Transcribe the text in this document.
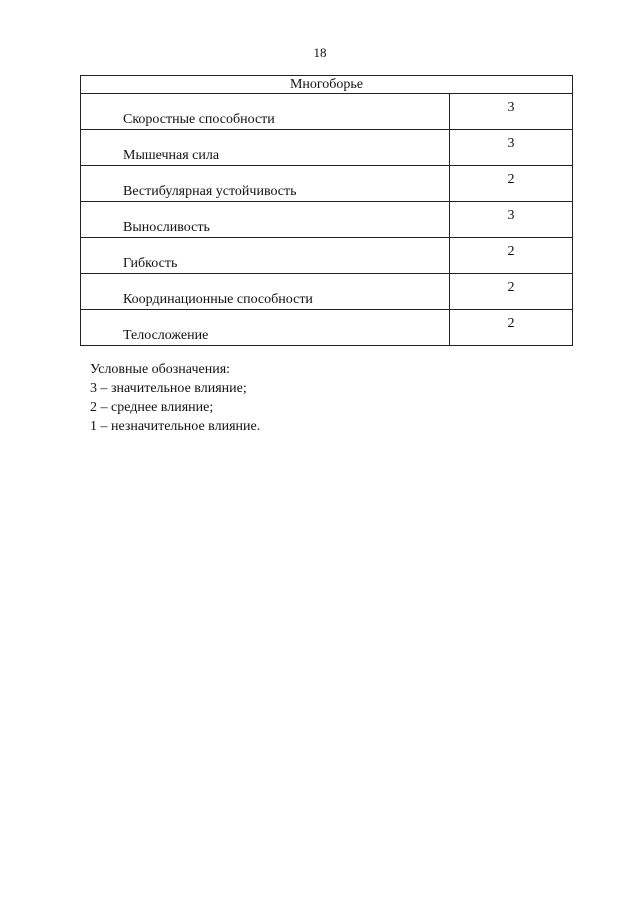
18
Многоборье	
Скоростные способности	3
Мышечная сила	3
Вестибулярная устойчивость	2
Выносливость	3
Гибкость	2
Координационные способности	2
Телосложение	2
Условные обозначения:
3 – значительное влияние;
2 – среднее влияние;
1 – незначительное влияние.
